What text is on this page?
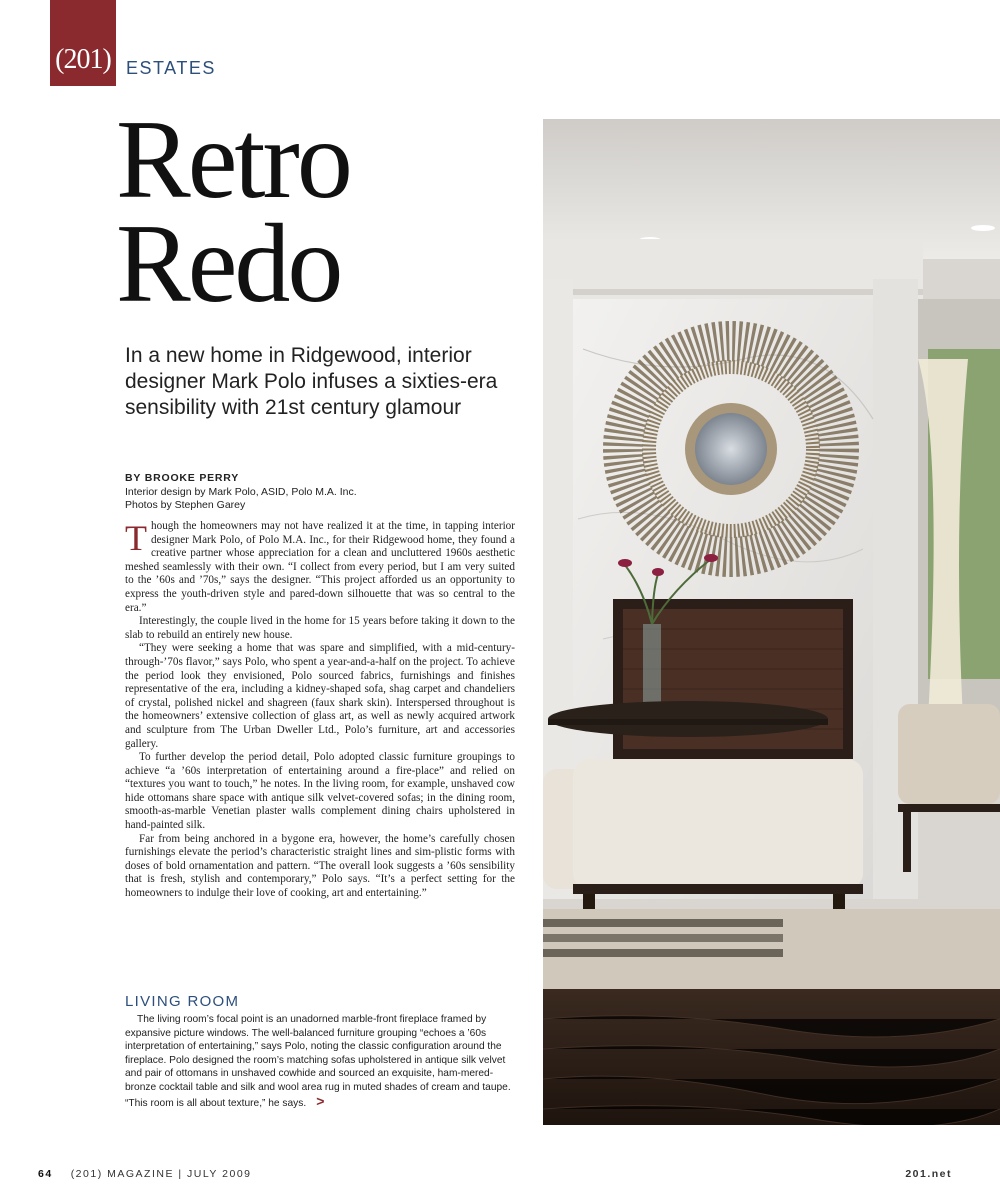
(201) ESTATES
Retro
Redo
In a new home in Ridgewood, interior designer Mark Polo infuses a sixties-era sensibility with 21st century glamour
BY BROOKE PERRY
Interior design by Mark Polo, ASID, Polo M.A. Inc.
Photos by Stephen Garey

Though the homeowners may not have realized it at the time, in tapping interior designer Mark Polo, of Polo M.A. Inc., for their Ridgewood home, they found a creative partner whose appreciation for a clean and uncluttered 1960s aesthetic meshed seamlessly with their own. “I collect from every period, but I am very suited to the ’60s and ’70s,” says the designer. “This project afforded us an opportunity to express the youth-driven style and pared-down silhouette that was so central to the era.”

Interestingly, the couple lived in the home for 15 years before taking it down to the slab to rebuild an entirely new house.

“They were seeking a home that was spare and simplified, with a mid-century-through-’70s flavor,” says Polo, who spent a year-and-a-half on the project. To achieve the period look they envisioned, Polo sourced fabrics, furnishings and finishes representative of the era, including a kidney-shaped sofa, shag carpet and chandeliers of crystal, polished nickel and shagreen (faux shark skin). Interspersed throughout is the homeowners’ extensive collection of glass art, as well as newly acquired artwork and sculpture from The Urban Dweller Ltd., Polo’s furniture, art and accessories gallery.

To further develop the period detail, Polo adopted classic furniture groupings to achieve “a ’60s interpretation of entertaining around a fire-place” and relied on “textures you want to touch,” he notes. In the living room, for example, unshaved cow hide ottomans share space with antique silk velvet-covered sofas; in the dining room, smooth-as-marble Venetian plaster walls complement dining chairs upholstered in hand-painted silk.

Far from being anchored in a bygone era, however, the home’s carefully chosen furnishings elevate the period’s characteristic straight lines and sim-plistic forms with doses of bold ornamentation and pattern. “The overall look suggests a ’60s sensibility that is fresh, stylish and contemporary,” Polo says. “It’s a perfect setting for the homeowners to indulge their love of cooking, art and entertaining.”

LIVING ROOM

The living room’s focal point is an unadorned marble-front fireplace framed by expansive picture windows. The well-balanced furniture grouping “echoes a ’60s interpretation of entertaining,” says Polo, noting the classic configuration around the fireplace. Polo designed the room’s matching sofas upholstered in antique silk velvet and pair of ottomans in unshaved cowhide and sourced an exquisite, ham-mered-bronze cocktail table and silk and wool area rug in muted shades of cream and taupe. “This room is all about texture,” he says. >

64 (201) MAGAZINE | JULY 2009	201.net
